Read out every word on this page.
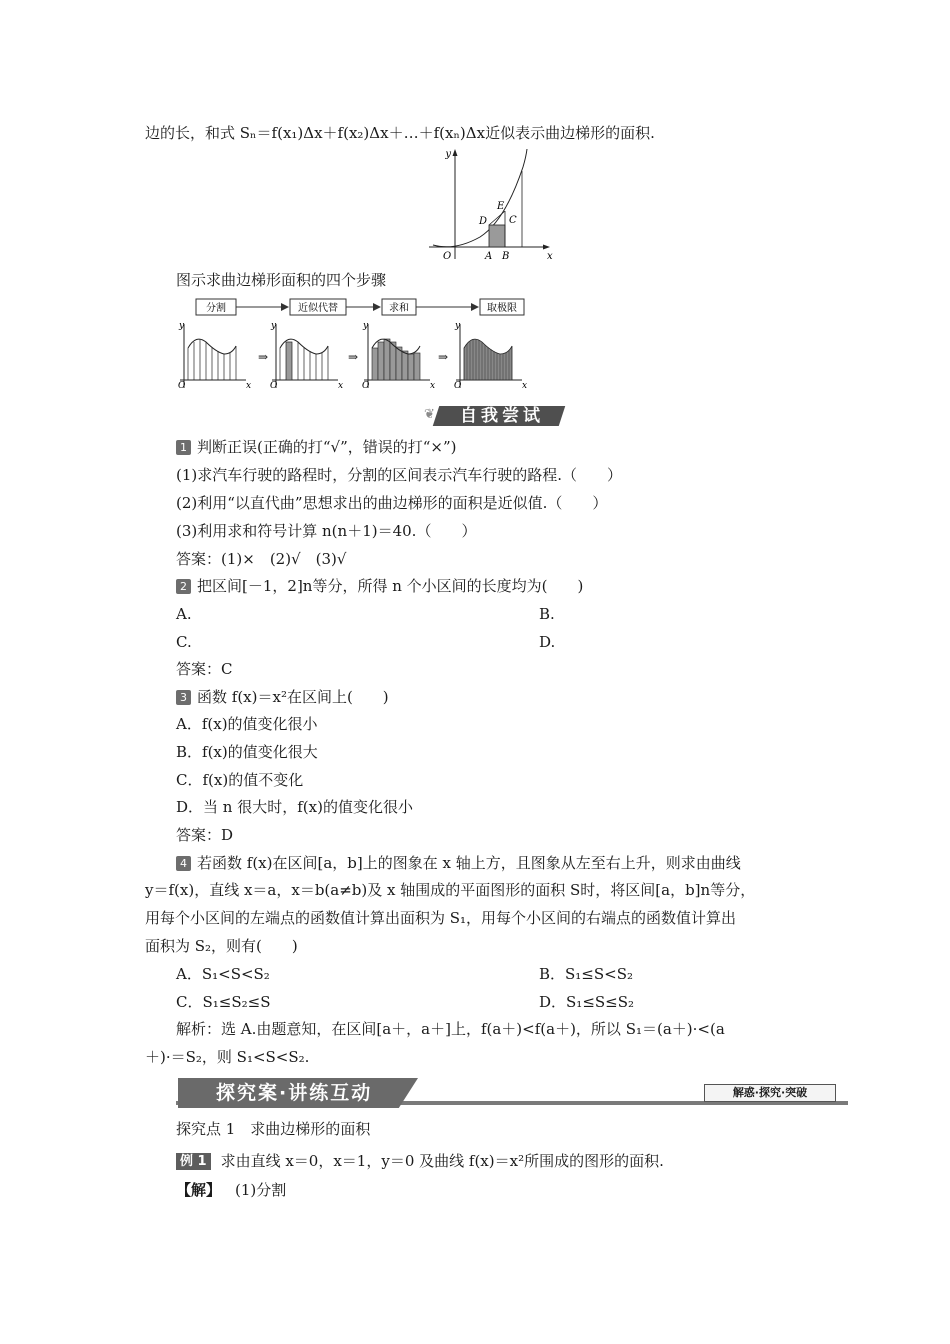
边的长，和式 Sₙ＝f(x₁)Δx＋f(x₂)Δx＋…＋f(xₙ)Δx近似表示曲边梯形的面积.
y
x
O	A B
C
D
E
图示求曲边梯形面积的四个步骤
分割	近似代替	求和	取极限
y
x
O
⇒
y
x
O
⇒
y
x
O
⇒
y
x
O
❦	自我尝试
1 判断正误(正确的打“√”，错误的打“×”)
(1)求汽车行驶的路程时，分割的区间表示汽车行驶的路程.（　　）
(2)利用“以直代曲”思想求出的曲边梯形的面积是近似值.（　　）
(3)利用求和符号计算 n(n＋1)＝40.（　　）
答案：(1)×　(2)√　(3)√
2 把区间[－1，2]n等分，所得 n 个小区间的长度均为(　　)
A.	B.
C.	D.
答案：C
3 函数 f(x)＝x²在区间上(　　)
A．f(x)的值变化很小
B．f(x)的值变化很大
C．f(x)的值不变化
D．当 n 很大时，f(x)的值变化很小
答案：D
4 若函数 f(x)在区间[a，b]上的图象在 x 轴上方，且图象从左至右上升，则求由曲线
y＝f(x)，直线 x＝a，x＝b(a≠b)及 x 轴围成的平面图形的面积 S时，将区间[a，b]n等分，
用每个小区间的左端点的函数值计算出面积为 S₁，用每个小区间的右端点的函数值计算出
面积为 S₂，则有(　　)
A．S₁<S<S₂	B．S₁≤S<S₂
C．S₁≤S₂≤S	D．S₁≤S≤S₂
解析：选 A.由题意知，在区间[a＋，a＋]上，f(a＋)<f(a＋)，所以 S₁＝(a＋)·<(a
＋)·＝S₂，则 S₁<S<S₂.
探究案·讲练互动	解惑·探究·突破
探究点 1　求曲边梯形的面积
例 1 求由直线 x＝0，x＝1，y＝0 及曲线 f(x)＝x²所围成的图形的面积.
【解】 (1)分割
